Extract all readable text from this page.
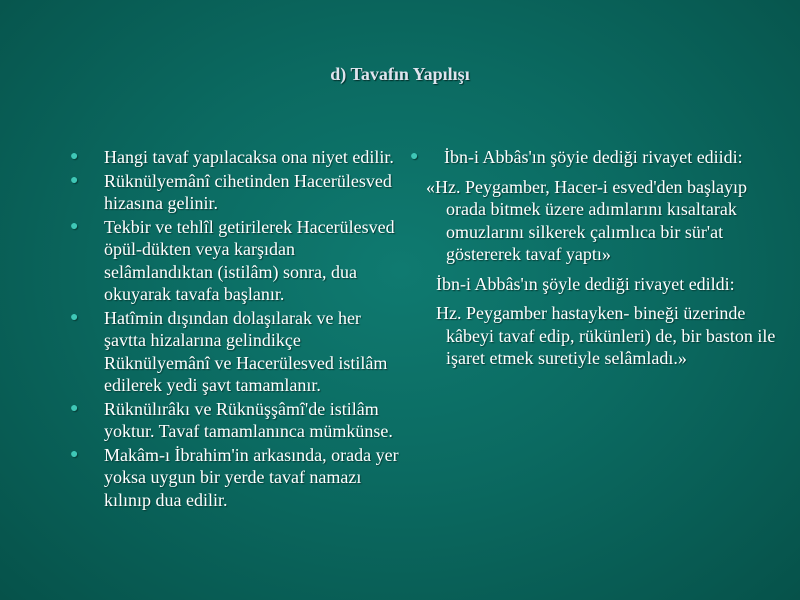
d) Tavafın Yapılışı
● Hangi tavaf yapılacaksa ona niyet edilir.
● Rüknülyemânî cihetinden Hacerülesved hizasına gelinir.
● Tekbir ve tehlîl getirilerek Hacerülesved öpül-dükten veya karşıdan selâmlandıktan (istilâm) sonra, dua okuyarak tavafa başlanır.
● Hatîmin dışından dolaşılarak ve her şavtta hizalarına gelindikçe Rüknülyemânî ve Hacerülesved istilâm edilerek yedi şavt tamamlanır.
● Rüknülırâkı ve Rüknüşşâmî'de istilâm yoktur. Tavaf tamamlanınca mümkünse.
● Makâm-ı İbrahim'in arkasında, orada yer yoksa uygun bir yerde tavaf namazı kılınıp dua edilir.
● İbn-i Abbâs'ın şöyie dediği rivayet ediidi:
«Hz. Peygamber, Hacer-i esved'den başlayıp orada bitmek üzere adımlarını kısaltarak omuzlarını silkerek çalımlıca bir sür'at göstererek tavaf yaptı»
İbn-i Abbâs'ın şöyle dediği rivayet edildi:
Hz. Peygamber hastayken- bineği üzerinde kâbeyi tavaf edip, rükünleri) de, bir baston ile işaret etmek suretiyle selâmladı.»
